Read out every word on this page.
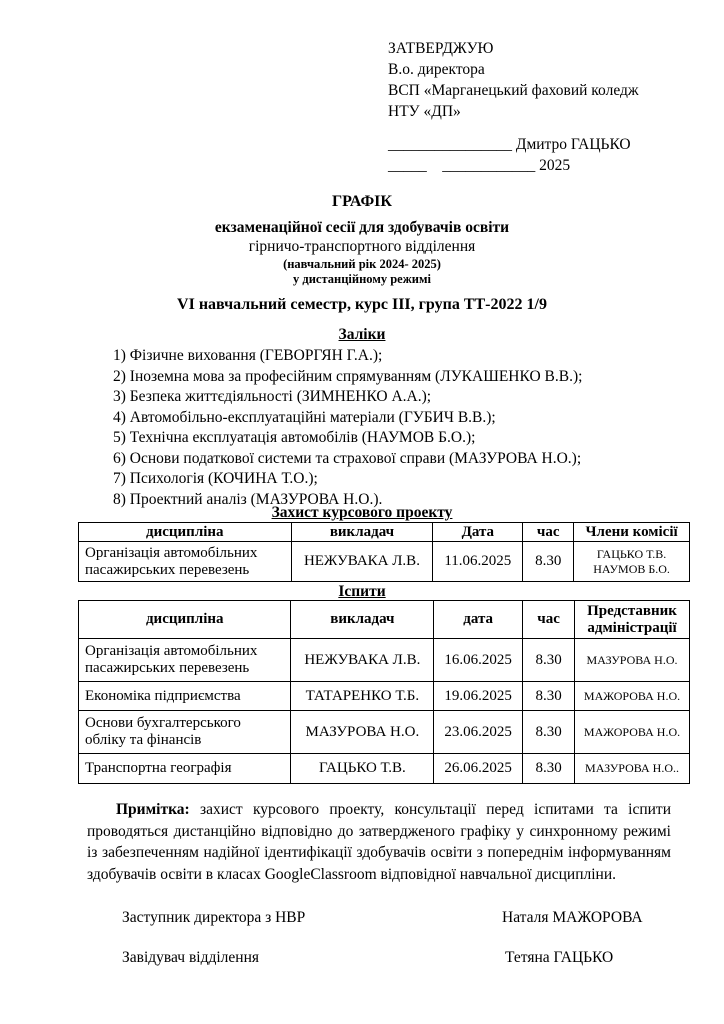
ЗАТВЕРДЖУЮ
В.о. директора
ВСП «Марганецький фаховий коледж
НТУ «ДП»
________________ Дмитро ГАЦЬКО
_____    ____________ 2025
ГРАФІК
екзаменаційної сесії для здобувачів освіти
гірничо-транспортного відділення
(навчальний рік 2024- 2025)
у дистанційному режимі
VI навчальний семестр, курс ІІІ, група ТТ-2022 1/9
Заліки
1) Фізичне виховання (ГЕВОРГЯН Г.А.);
2) Іноземна мова за професійним спрямуванням (ЛУКАШЕНКО В.В.);
3) Безпека життєдіяльності (ЗИМНЕНКО А.А.);
4) Автомобільно-експлуатаційні матеріали (ГУБИЧ В.В.);
5) Технічна експлуатація автомобілів (НАУМОВ Б.О.);
6) Основи податкової системи та страхової справи (МАЗУРОВА Н.О.);
7) Психологія (КОЧИНА Т.О.);
8) Проектний аналіз (МАЗУРОВА Н.О.).
Захист курсового проекту
дисципліна	викладач	Дата	час	Члени комісії
Організація автомобільних
пасажирських перевезень	НЕЖУВАКА Л.В.	11.06.2025	8.30	ГАЦЬКО Т.В.
НАУМОВ Б.О.
Іспити
дисципліна	викладач	дата	час	Представник
адміністрації
Організація автомобільних
пасажирських перевезень	НЕЖУВАКА Л.В.	16.06.2025	8.30	МАЗУРОВА Н.О.
Економіка підприємства	ТАТАРЕНКО Т.Б.	19.06.2025	8.30	МАЖОРОВА Н.О.
Основи бухгалтерського
обліку та фінансів	МАЗУРОВА Н.О.	23.06.2025	8.30	МАЖОРОВА Н.О.
Транспортна географія	ГАЦЬКО Т.В.	26.06.2025	8.30	МАЗУРОВА Н.О..
Примітка: захист курсового проекту, консультації перед іспитами та іспити проводяться дистанційно відповідно до затвердженого графіку у синхронному режимі із забезпеченням надійної ідентифікації здобувачів освіти з попереднім інформуванням здобувачів освіти в класах GoogleClassroom відповідної навчальної дисципліни.
Заступник директора з НВР	Наталя МАЖОРОВА
Завідувач відділення	Тетяна ГАЦЬКО
